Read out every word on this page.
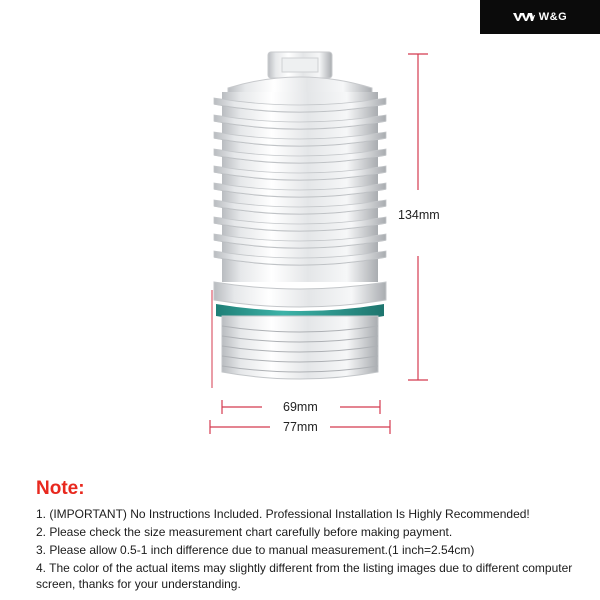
W&G
134mm
69mm
77mm
Note:
1. (IMPORTANT) No Instructions Included. Professional Installation Is Highly Recommended!
2. Please check the size measurement chart carefully before making payment.
3. Please allow 0.5-1 inch difference due to manual measurement.(1 inch=2.54cm)
4. The color of the actual items may slightly different from the listing images due to different computer screen, thanks for your understanding.
